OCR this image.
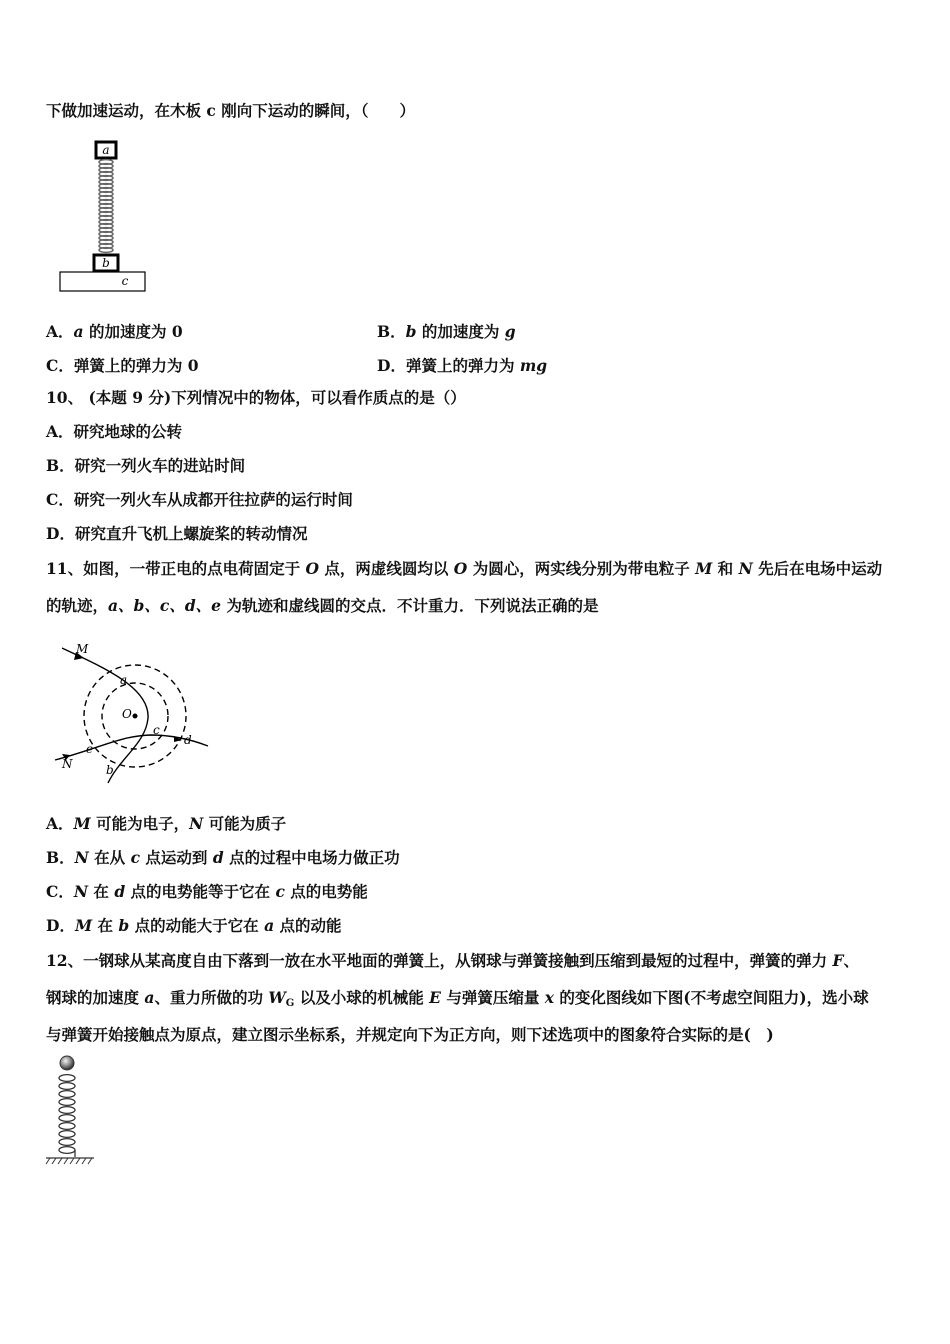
下做加速运动，在木板 c 刚向下运动的瞬间，（　　）
a
b
c
A．a 的加速度为 0	B．b 的加速度为 g
C．弹簧上的弹力为 0	D．弹簧上的弹力为 mg
10、 (本题 9 分)下列情况中的物体，可以看作质点的是（）
A．研究地球的公转
B．研究一列火车的进站时间
C．研究一列火车从成都开往拉萨的运行时间
D．研究直升飞机上螺旋桨的转动情况
11、如图，一带正电的点电荷固定于 O 点，两虚线圆均以 O 为圆心，两实线分别为带电粒子 M 和 N 先后在电场中运动
的轨迹，a、b、c、d、e 为轨迹和虚线圆的交点．不计重力．下列说法正确的是
M
N
O
a
b
c
d
e
A．M 可能为电子，N 可能为质子
B．N 在从 c 点运动到 d 点的过程中电场力做正功
C．N 在 d 点的电势能等于它在 c 点的电势能
D．M 在 b 点的动能大于它在 a 点的动能
12、一钢球从某高度自由下落到一放在水平地面的弹簧上，从钢球与弹簧接触到压缩到最短的过程中，弹簧的弹力 F、
钢球的加速度 a、重力所做的功 $W_G$ 以及小球的机械能 E 与弹簧压缩量 x 的变化图线如下图(不考虑空间阻力)，选小球
与弹簧开始接触点为原点，建立图示坐标系，并规定向下为正方向，则下述选项中的图象符合实际的是(　)
